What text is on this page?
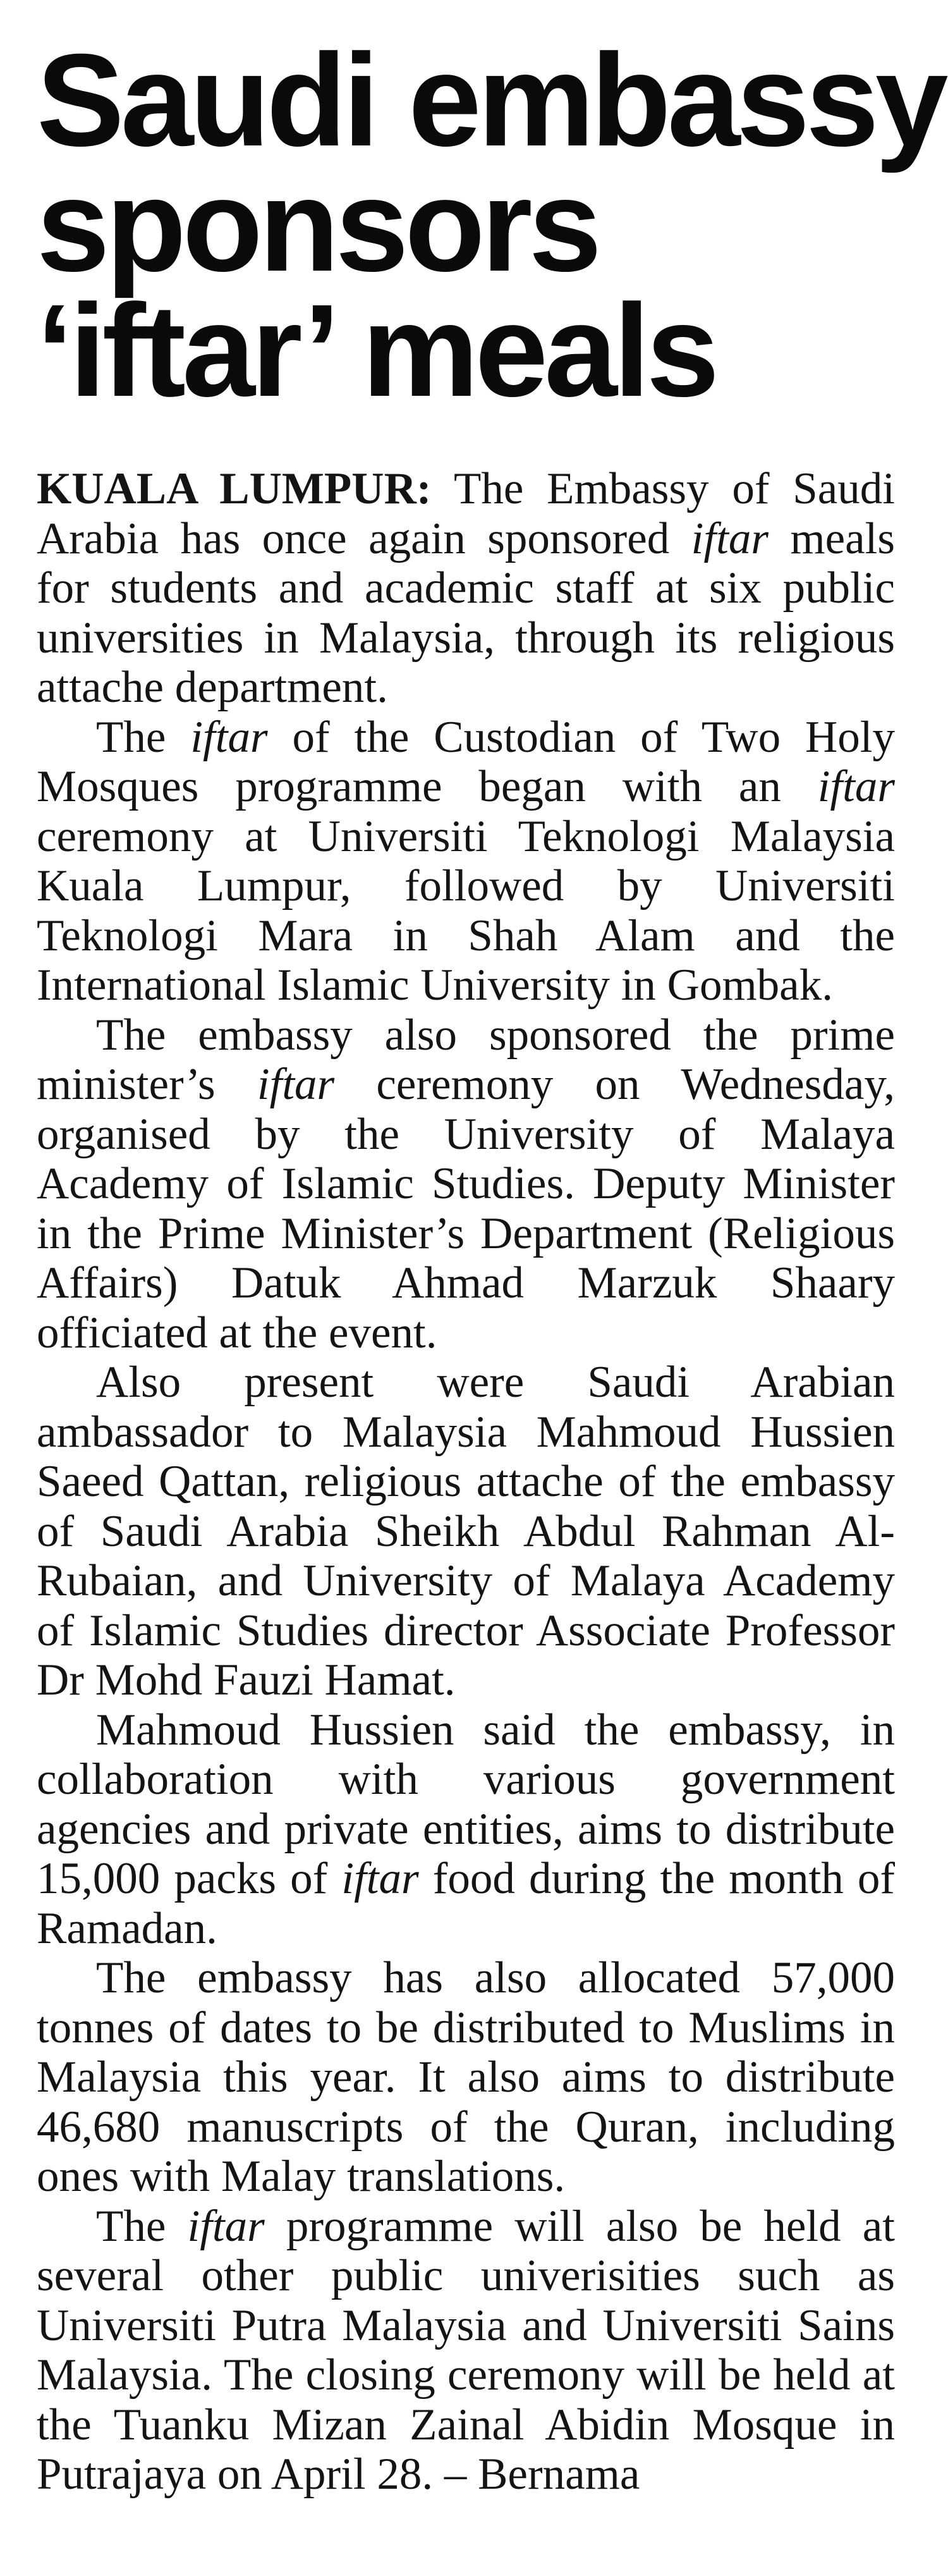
Saudi embassy
sponsors
‘iftar’ meals

KUALA LUMPUR: The Embassy of Saudi Arabia has once again sponsored iftar meals for students and academic staff at six public universities in Malaysia, through its religious attache department.

The iftar of the Custodian of Two Holy Mosques programme began with an iftar ceremony at Universiti Teknologi Malaysia Kuala Lumpur, followed by Universiti Teknologi Mara in Shah Alam and the International Islamic University in Gombak.

The embassy also sponsored the prime minister’s iftar ceremony on Wednesday, organised by the University of Malaya Academy of Islamic Studies. Deputy Minister in the Prime Minister’s Department (Religious Affairs) Datuk Ahmad Marzuk Shaary officiated at the event.

Also present were Saudi Arabian ambassador to Malaysia Mahmoud Hussien Saeed Qattan, religious attache of the embassy of Saudi Arabia Sheikh Abdul Rahman Al-Rubaian, and University of Malaya Academy of Islamic Studies director Associate Professor Dr Mohd Fauzi Hamat.

Mahmoud Hussien said the embassy, in collaboration with various government agencies and private entities, aims to distribute 15,000 packs of iftar food during the month of Ramadan.

The embassy has also allocated 57,000 tonnes of dates to be distributed to Muslims in Malaysia this year. It also aims to distribute 46,680 manuscripts of the Quran, including ones with Malay translations.

The iftar programme will also be held at several other public univerisities such as Universiti Putra Malaysia and Universiti Sains Malaysia. The closing ceremony will be held at the Tuanku Mizan Zainal Abidin Mosque in Putrajaya on April 28. – Bernama
